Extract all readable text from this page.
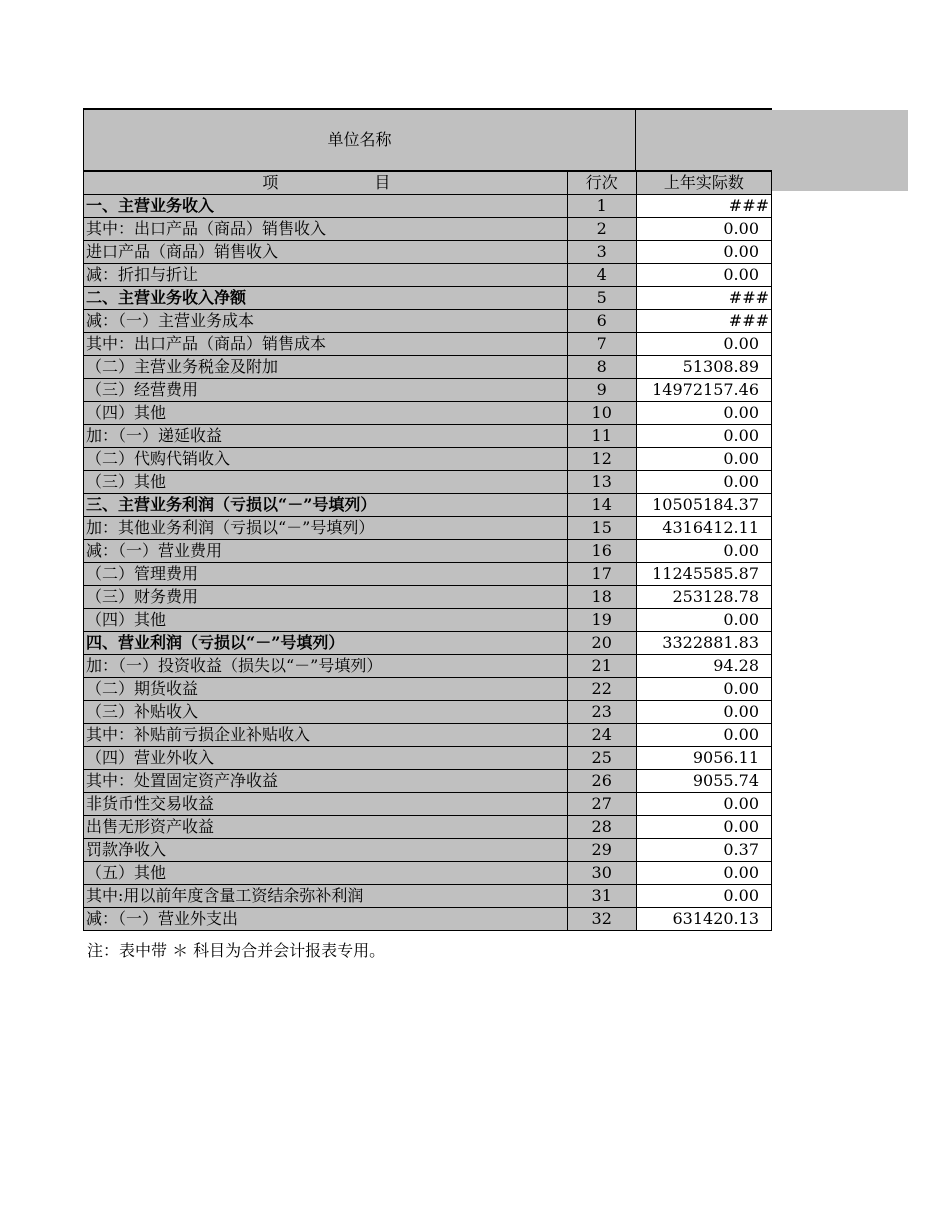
单位名称
项　　　　　　目	行次	上年实际数
一、主营业务收入	1	###
其中：出口产品（商品）销售收入	2	0.00
进口产品（商品）销售收入	3	0.00
减：折扣与折让	4	0.00
二、主营业务收入净额	5	###
减：（一）主营业务成本	6	###
其中：出口产品（商品）销售成本	7	0.00
（二）主营业务税金及附加	8	51308.89
（三）经营费用	9	14972157.46
（四）其他	10	0.00
加：（一）递延收益	11	0.00
（二）代购代销收入	12	0.00
（三）其他	13	0.00
三、主营业务利润（亏损以“－”号填列）	14	10505184.37
加：其他业务利润（亏损以“－”号填列）	15	4316412.11
减：（一）营业费用	16	0.00
（二）管理费用	17	11245585.87
（三）财务费用	18	253128.78
（四）其他	19	0.00
四、营业利润（亏损以“－”号填列）	20	3322881.83
加：（一）投资收益（损失以“－”号填列）	21	94.28
（二）期货收益	22	0.00
（三）补贴收入	23	0.00
其中：补贴前亏损企业补贴收入	24	0.00
（四）营业外收入	25	9056.11
其中：处置固定资产净收益	26	9055.74
非货币性交易收益	27	0.00
出售无形资产收益	28	0.00
罚款净收入	29	0.37
（五）其他	30	0.00
其中:用以前年度含量工资结余弥补利润	31	0.00
减：（一）营业外支出	32	631420.13
注：表中带 ＊ 科目为合并会计报表专用。
